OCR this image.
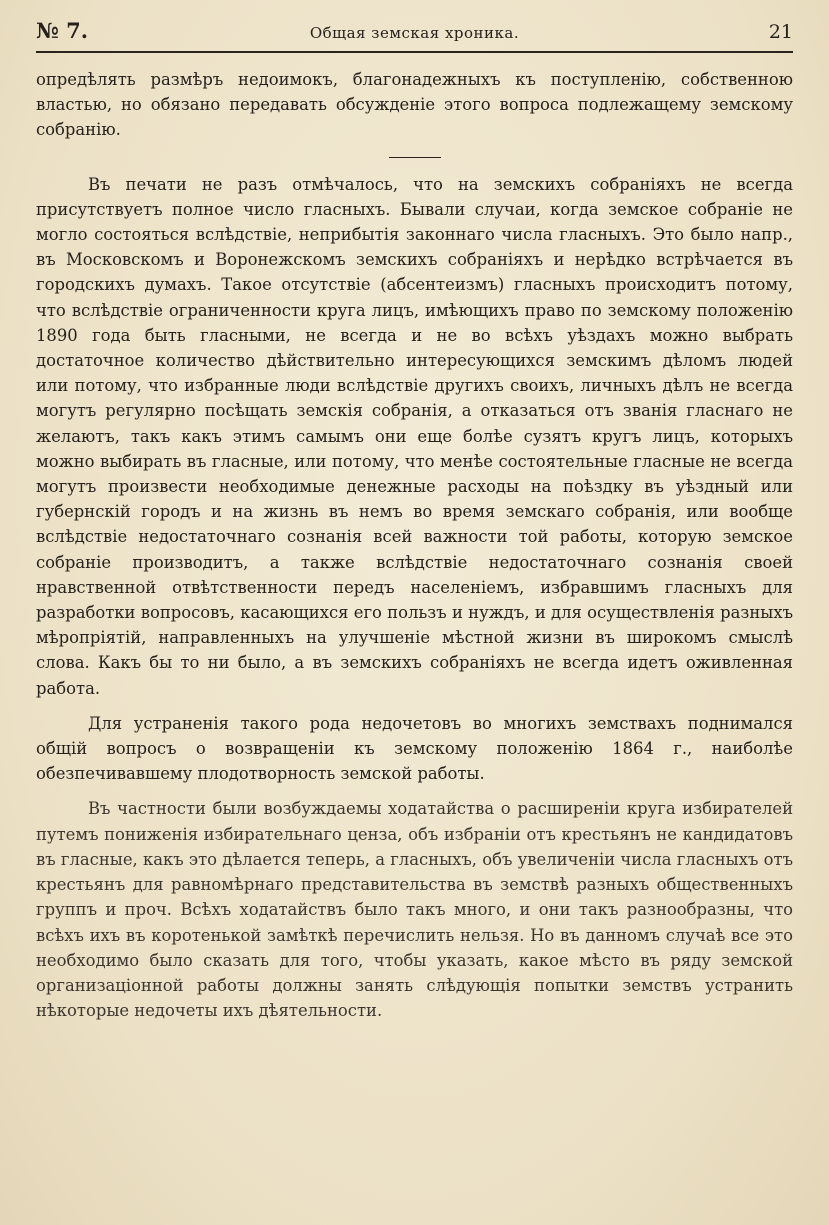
№ 7.	Общая земская хроника.	21

опредѣлять размѣръ недоимокъ, благонадежныхъ къ поступленію, собственною властью, но обязано передавать обсужденіе этого вопроса подлежащему земскому собранію.

Въ печати не разъ отмѣчалось, что на земскихъ собраніяхъ не всегда присутствуетъ полное число гласныхъ. Бывали случаи, когда земское собраніе не могло состояться вслѣдствіе, неприбытія законнаго числа гласныхъ. Это было напр., въ Московскомъ и Воронежскомъ земскихъ собраніяхъ и нерѣдко встрѣчается въ городскихъ думахъ. Такое отсутствіе (абсентеизмъ) гласныхъ происходитъ потому, что вслѣдствіе ограниченности круга лицъ, имѣющихъ право по земскому положенію 1890 года быть гласными, не всегда и не во всѣхъ уѣздахъ можно выбрать достаточное количество дѣйствительно интересующихся земскимъ дѣломъ людей или потому, что избранные люди вслѣдствіе другихъ своихъ, личныхъ дѣлъ не всегда могутъ регулярно посѣщать земскія собранія, а отказаться отъ званія гласнаго не желаютъ, такъ какъ этимъ самымъ они еще болѣе сузятъ кругъ лицъ, которыхъ можно выбирать въ гласные, или потому, что менѣе состоятельные гласные не всегда могутъ произвести необходимые денежные расходы на поѣздку въ уѣздный или губернскій городъ и на жизнь въ немъ во время земскаго собранія, или вообще вслѣдствіе недостаточнаго сознанія всей важности той работы, которую земское собраніе производитъ, а также вслѣдствіе недостаточнаго сознанія своей нравственной отвѣтственности передъ населеніемъ, избравшимъ гласныхъ для разработки вопросовъ, касающихся его пользъ и нуждъ, и для осуществленія разныхъ мѣропріятій, направленныхъ на улучшеніе мѣстной жизни въ широкомъ смыслѣ слова. Какъ бы то ни было, а въ земскихъ собраніяхъ не всегда идетъ оживленная работа.

Для устраненія такого рода недочетовъ во многихъ земствахъ поднимался общій вопросъ о возвращеніи къ земскому положенію 1864 г., наиболѣе обезпечивавшему плодотворность земской работы.

Въ частности были возбуждаемы ходатайства о расширеніи круга избирателей путемъ пониженія избирательнаго ценза, объ избраніи отъ крестьянъ не кандидатовъ въ гласные, какъ это дѣлается теперь, а гласныхъ, объ увеличеніи числа гласныхъ отъ крестьянъ для равномѣрнаго представительства въ земствѣ разныхъ общественныхъ группъ и проч. Всѣхъ ходатайствъ было такъ много, и они такъ разнообразны, что всѣхъ ихъ въ коротенькой замѣткѣ перечислить нельзя. Но въ данномъ случаѣ все это необходимо было сказать для того, чтобы указать, какое мѣсто въ ряду земской организаціонной работы должны занять слѣдующія попытки земствъ устранить нѣкоторые недочеты ихъ дѣятельности.
